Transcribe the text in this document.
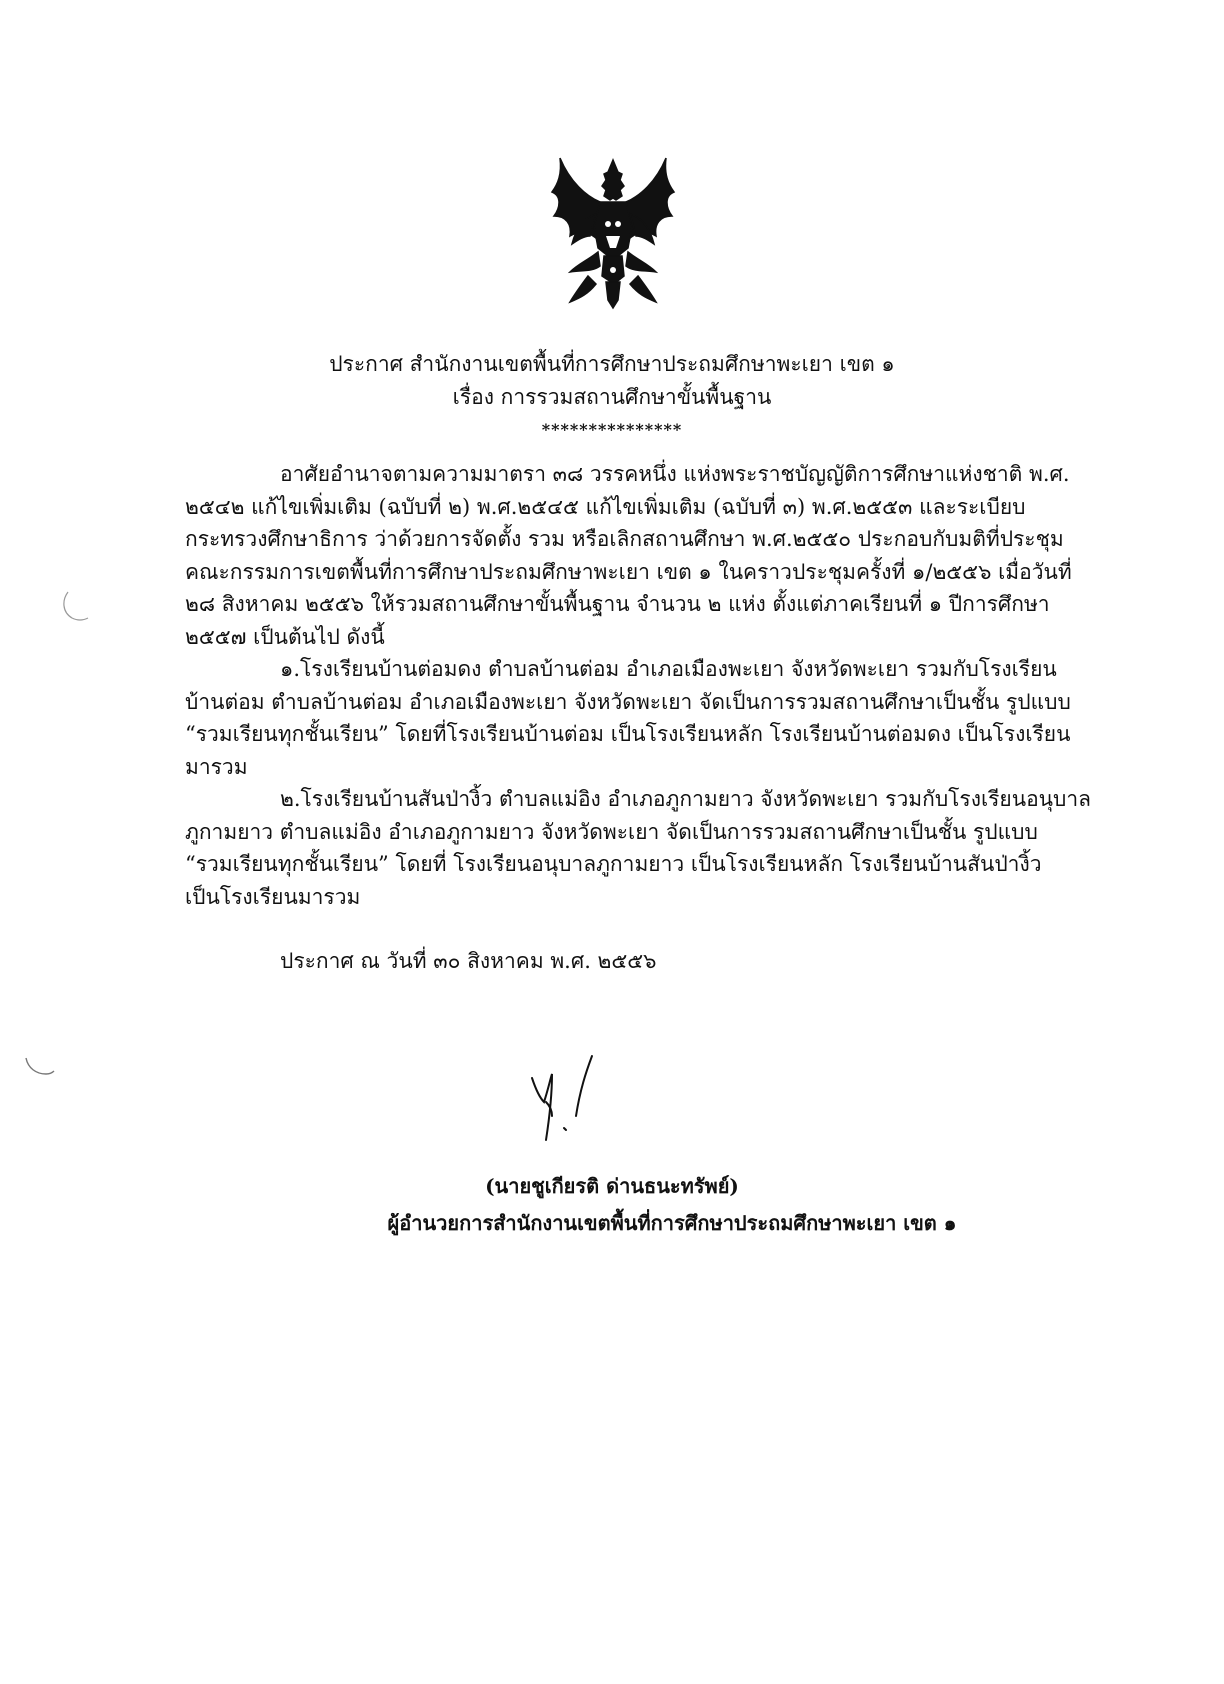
ประกาศ สำนักงานเขตพื้นที่การศึกษาประถมศึกษาพะเยา เขต ๑
เรื่อง การรวมสถานศึกษาขั้นพื้นฐาน
***************
อาศัยอำนาจตามความมาตรา ๓๘ วรรคหนึ่ง แห่งพระราชบัญญัติการศึกษาแห่งชาติ พ.ศ.
๒๕๔๒ แก้ไขเพิ่มเติม (ฉบับที่ ๒) พ.ศ.๒๕๔๕ แก้ไขเพิ่มเติม (ฉบับที่ ๓) พ.ศ.๒๕๕๓ และระเบียบ
กระทรวงศึกษาธิการ ว่าด้วยการจัดตั้ง รวม หรือเลิกสถานศึกษา พ.ศ.๒๕๕๐ ประกอบกับมติที่ประชุม
คณะกรรมการเขตพื้นที่การศึกษาประถมศึกษาพะเยา เขต ๑ ในคราวประชุมครั้งที่ ๑/๒๕๕๖ เมื่อวันที่
๒๘ สิงหาคม ๒๕๕๖ ให้รวมสถานศึกษาขั้นพื้นฐาน จำนวน ๒ แห่ง ตั้งแต่ภาคเรียนที่ ๑ ปีการศึกษา
๒๕๕๗ เป็นต้นไป ดังนี้
๑.โรงเรียนบ้านต่อมดง ตำบลบ้านต่อม อำเภอเมืองพะเยา จังหวัดพะเยา รวมกับโรงเรียน
บ้านต่อม ตำบลบ้านต่อม อำเภอเมืองพะเยา จังหวัดพะเยา จัดเป็นการรวมสถานศึกษาเป็นชั้น รูปแบบ
“รวมเรียนทุกชั้นเรียน” โดยที่โรงเรียนบ้านต่อม เป็นโรงเรียนหลัก โรงเรียนบ้านต่อมดง เป็นโรงเรียน
มารวม
๒.โรงเรียนบ้านสันป่างิ้ว ตำบลแม่อิง อำเภอภูกามยาว จังหวัดพะเยา รวมกับโรงเรียนอนุบาล
ภูกามยาว ตำบลแม่อิง อำเภอภูกามยาว จังหวัดพะเยา จัดเป็นการรวมสถานศึกษาเป็นชั้น รูปแบบ
“รวมเรียนทุกชั้นเรียน” โดยที่ โรงเรียนอนุบาลภูกามยาว เป็นโรงเรียนหลัก โรงเรียนบ้านสันป่างิ้ว
เป็นโรงเรียนมารวม
ประกาศ ณ วันที่ ๓๐ สิงหาคม พ.ศ. ๒๕๕๖
(นายชูเกียรติ ด่านธนะทรัพย์)
ผู้อำนวยการสำนักงานเขตพื้นที่การศึกษาประถมศึกษาพะเยา เขต ๑
